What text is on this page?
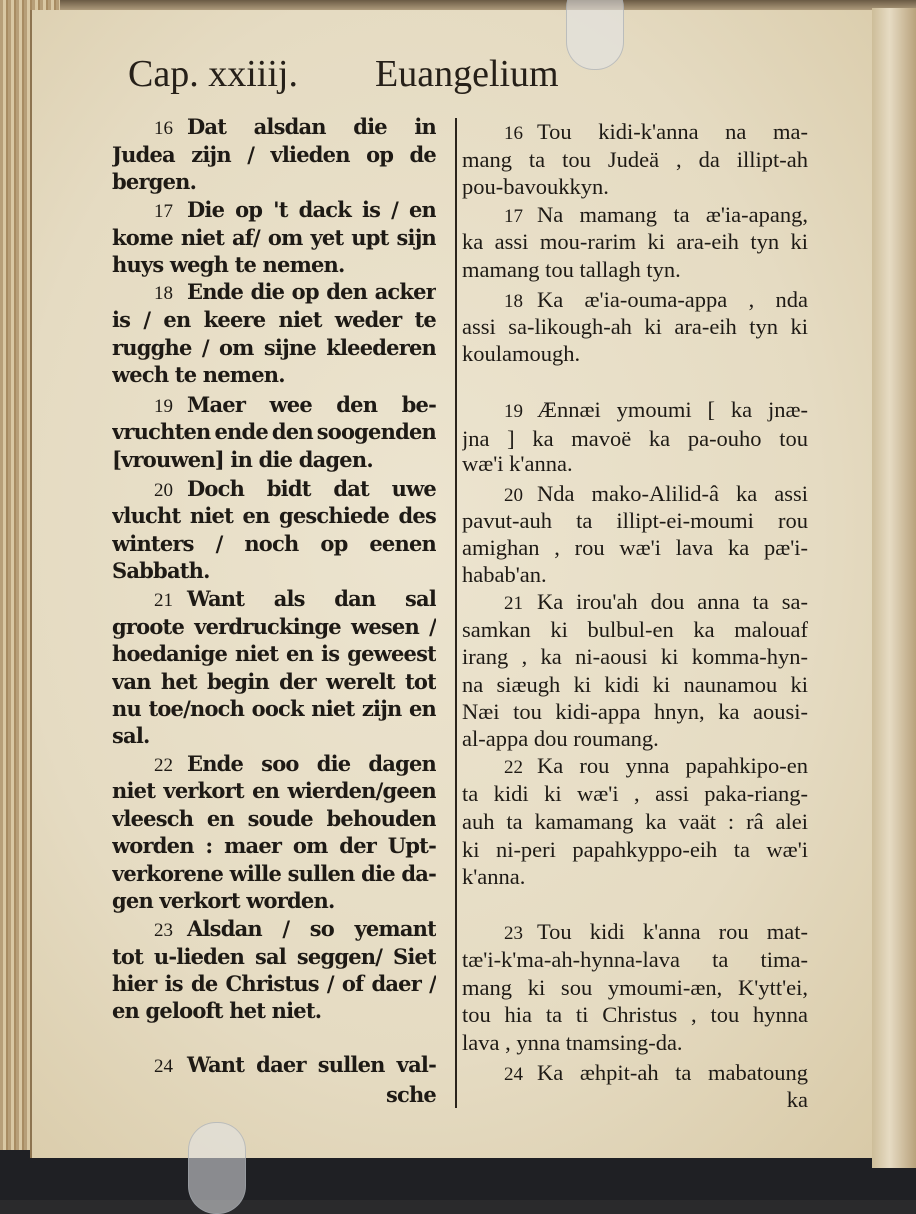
Cap. xxiiij. Euangelium
16 Dat alsdan die in
Judea zijn / vlieden op de
bergen.
17 Die op 't dack is / en
kome niet af/ om yet upt sijn
huys wegh te nemen.
18 Ende die op den acker
is / en keere niet weder te
rugghe / om sijne kleederen
wech te nemen.
19 Maer wee den be-
vruchten ende den soogenden
[vrouwen] in die dagen.
20 Doch bidt dat uwe
vlucht niet en geschiede des
winters / noch op eenen
Sabbath.
21 Want als dan sal
groote verdruckinge wesen /
hoedanige niet en is geweest
van het begin der werelt tot
nu toe/noch oock niet zijn en
sal.
22 Ende soo die dagen
niet verkort en wierden/geen
vleesch en soude behouden
worden : maer om der Upt-
verkorene wille sullen die da-
gen verkort worden.
23 Alsdan / so yemant
tot u-lieden sal seggen/ Siet
hier is de Christus / of daer /
en gelooft het niet.
24 Want daer sullen val-
sche
16 Tou kidi-k'anna na ma-
mang ta tou Judeä , da illipt-ah
pou-bavoukkyn.
17 Na mamang ta æ'ia-apang,
ka assi mou-rarim ki ara-eih tyn ki
mamang tou tallagh tyn.
18 Ka æ'ia-ouma-appa , nda
assi sa-likough-ah ki ara-eih tyn ki
koulamough.
19 Ænnæi ymoumi [ ka jnæ-
jna ] ka mavoë ka pa-ouho tou
wæ'i k'anna.
20 Nda mako-Alilid-â ka assi
pavut-auh ta illipt-ei-moumi rou
amighan , rou wæ'i lava ka pæ'i-
habab'an.
21 Ka irou'ah dou anna ta sa-
samkan ki bulbul-en ka malouaf
irang , ka ni-aousi ki komma-hyn-
na siæugh ki kidi ki naunamou ki
Næi tou kidi-appa hnyn, ka aousi-
al-appa dou roumang.
22 Ka rou ynna papahkipo-en
ta kidi ki wæ'i , assi paka-riang-
auh ta kamamang ka vaät : râ alei
ki ni-peri papahkyppo-eih ta wæ'i
k'anna.
23 Tou kidi k'anna rou mat-
tæ'i-k'ma-ah-hynna-lava ta tima-
mang ki sou ymoumi-æn, K'ytt'ei,
tou hia ta ti Christus , tou hynna
lava , ynna tnamsing-da.
24 Ka æhpit-ah ta mabatoung
ka
